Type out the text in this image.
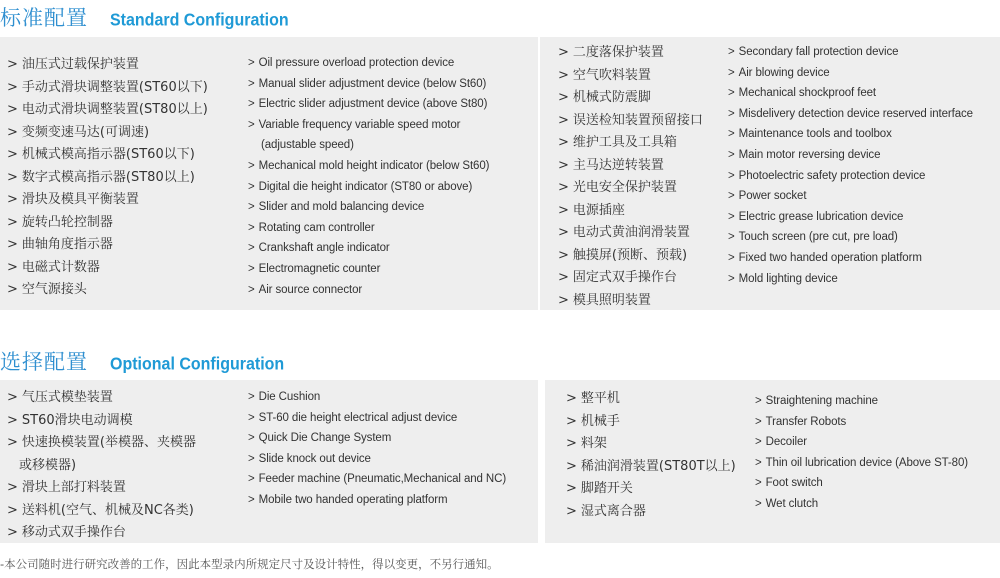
标准配置 Standard Configuration
> 油压式过载保护装置
> 手动式滑块调整装置(ST60以下)
> 电动式滑块调整装置(ST80以上)
> 变频变速马达(可调速)
> 机械式模高指示器(ST60以下)
> 数字式模高指示器(ST80以上)
> 滑块及模具平衡装置
> 旋转凸轮控制器
> 曲轴角度指示器
> 电磁式计数器
> 空气源接头
> Oil pressure overload protection device
> Manual slider adjustment device (below St60)
> Electric slider adjustment device (above St80)
> Variable frequency variable speed motor
(adjustable speed)
> Mechanical mold height indicator (below St60)
> Digital die height indicator (ST80 or above)
> Slider and mold balancing device
> Rotating cam controller
> Crankshaft angle indicator
> Electromagnetic counter
> Air source connector
> 二度落保护装置
> 空气吹料装置
> 机械式防震脚
> 误送检知装置预留接口
> 维护工具及工具箱
> 主马达逆转装置
> 光电安全保护装置
> 电源插座
> 电动式黄油润滑装置
> 触摸屏(预断、预载)
> 固定式双手操作台
> 模具照明装置
> Secondary fall protection device
> Air blowing device
> Mechanical shockproof feet
> Misdelivery detection device reserved interface
> Maintenance tools and toolbox
> Main motor reversing device
> Photoelectric safety protection device
> Power socket
> Electric grease lubrication device
> Touch screen (pre cut, pre load)
> Fixed two handed operation platform
> Mold lighting device
选择配置 Optional Configuration
> 气压式模垫装置
> ST60滑块电动调模
> 快速换模装置(举模器、夹模器
或移模器)
> 滑块上部打料装置
> 送料机(空气、机械及NC各类)
> 移动式双手操作台
> Die Cushion
> ST-60 die height electrical adjust device
> Quick Die Change System
> Slide knock out device
> Feeder machine (Pneumatic,Mechanical and NC)
> Mobile two handed operating platform
> 整平机
> 机械手
> 料架
> 稀油润滑装置(ST80T以上)
> 脚踏开关
> 湿式离合器
> Straightening machine
> Transfer Robots
> Decoiler
> Thin oil lubrication device (Above ST-80)
> Foot switch
> Wet clutch
-本公司随时进行研究改善的工作，因此本型录内所规定尺寸及设计特性，得以变更，不另行通知。
